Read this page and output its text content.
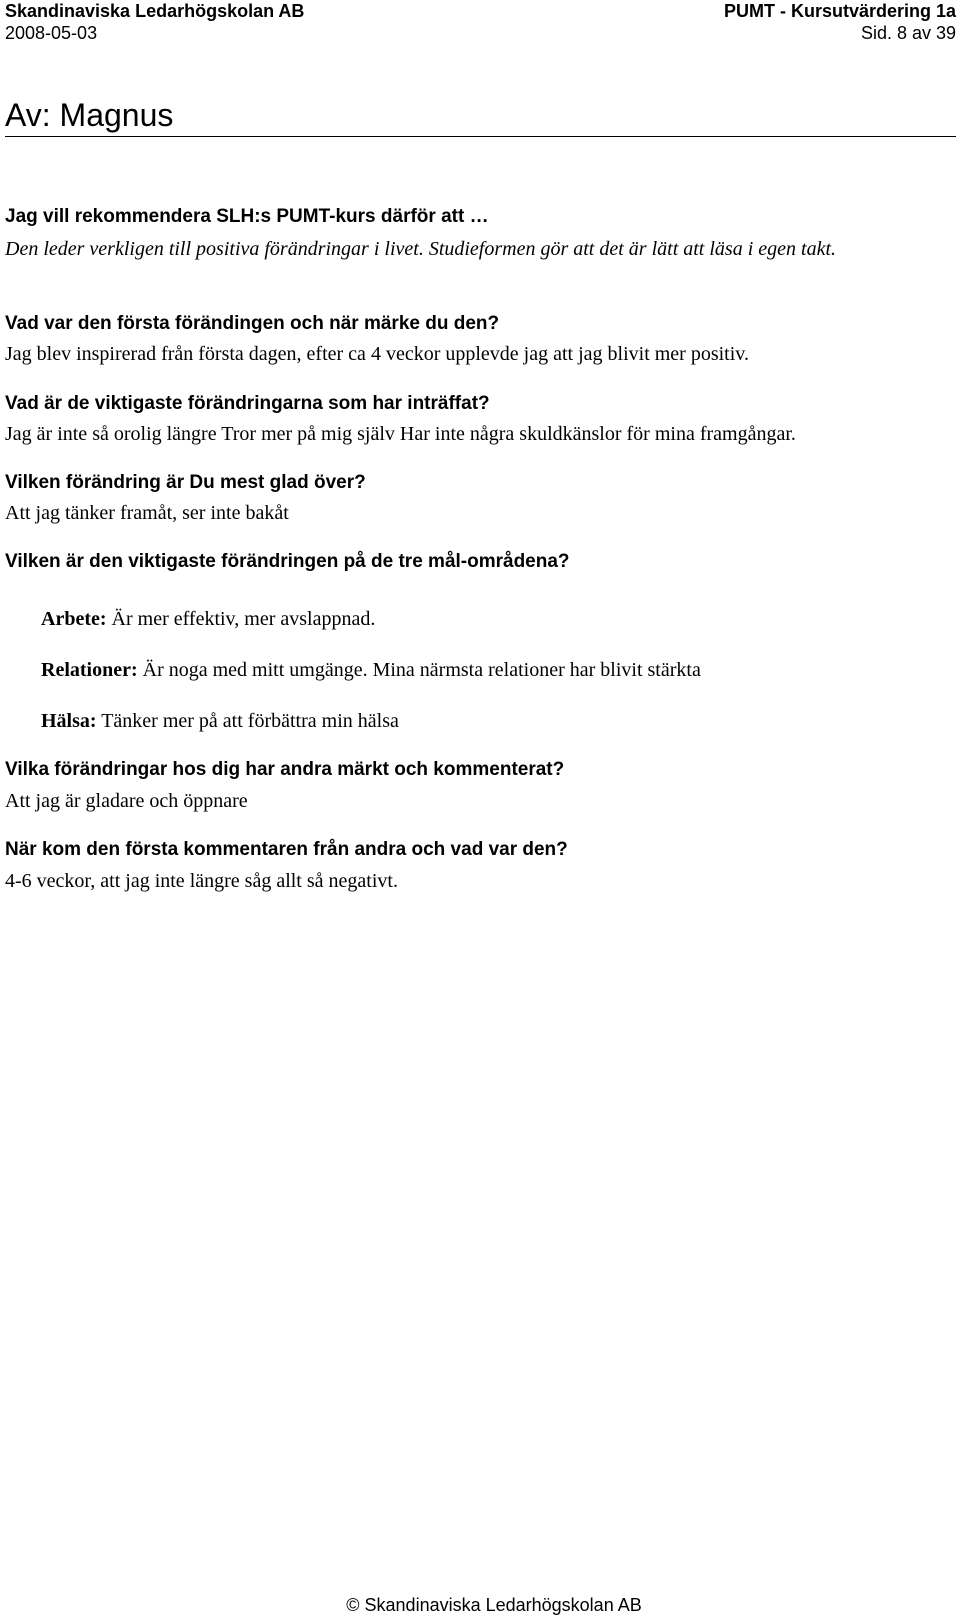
Skandinaviska Ledarhögskolan AB	PUMT - Kursutvärdering 1a
2008-05-03	Sid. 8 av 39
Av: Magnus

Jag vill rekommendera SLH:s PUMT-kurs därför att …

Den leder verkligen till positiva förändringar i livet. Studieformen gör att det är lätt att läsa i egen takt.

Vad var den första förändingen och när märke du den?

Jag blev inspirerad från första dagen, efter ca 4 veckor upplevde jag att jag blivit mer positiv.

Vad är de viktigaste förändringarna som har inträffat?

Jag är inte så orolig längre Tror mer på mig själv Har inte några skuldkänslor för mina framgångar.

Vilken förändring är Du mest glad över?

Att jag tänker framåt, ser inte bakåt

Vilken är den viktigaste förändringen på de tre mål-områdena?

Arbete: Är mer effektiv, mer avslappnad.

Relationer: Är noga med mitt umgänge. Mina närmsta relationer har blivit stärkta

Hälsa: Tänker mer på att förbättra min hälsa

Vilka förändringar hos dig har andra märkt och kommenterat?

Att jag är gladare och öppnare

När kom den första kommentaren från andra och vad var den?

4-6 veckor, att jag inte längre såg allt så negativt.

© Skandinaviska Ledarhögskolan AB
